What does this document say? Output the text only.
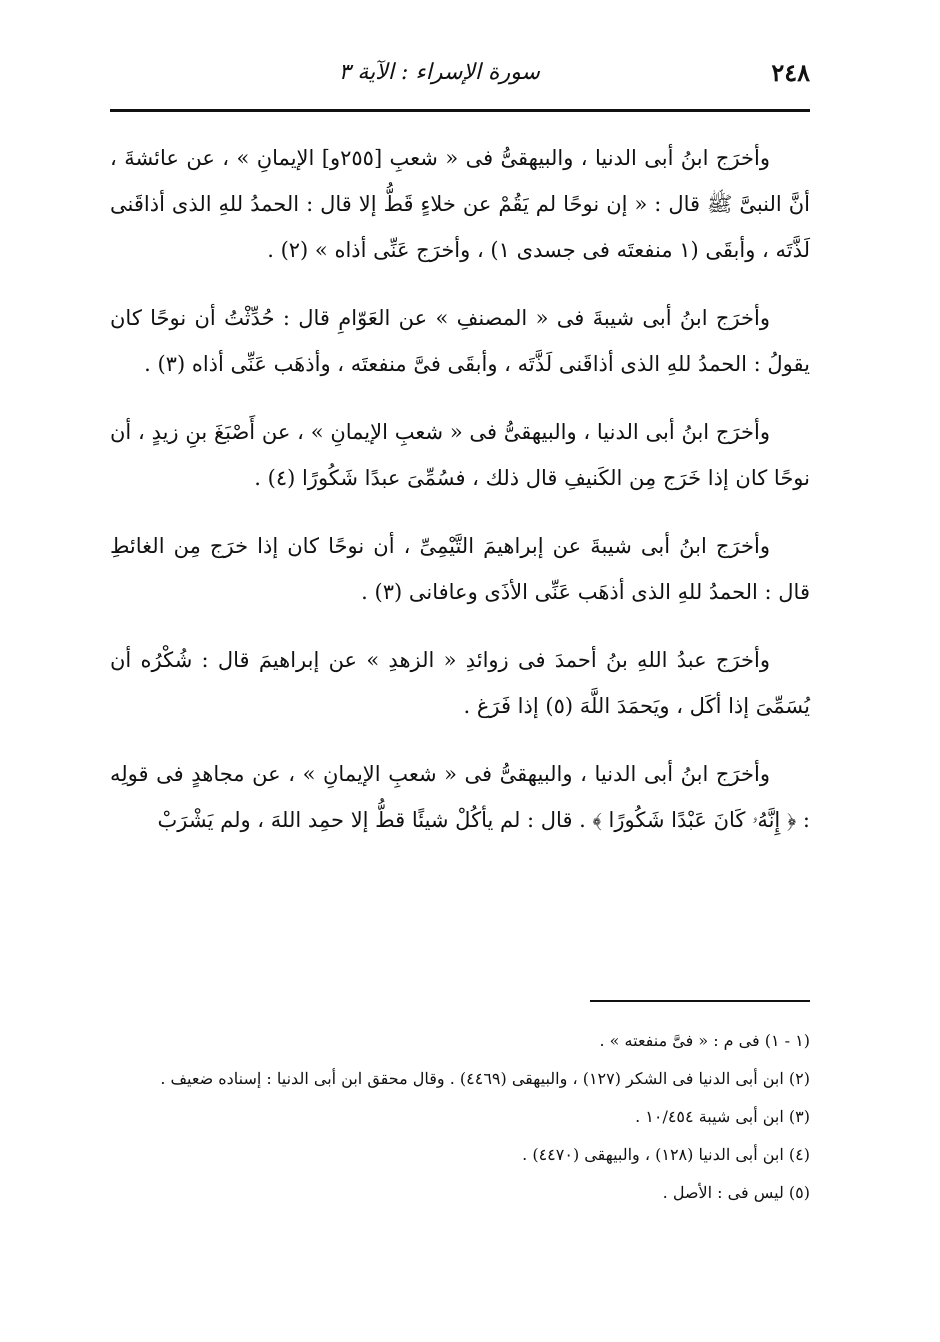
٢٤٨
سورة الإسراء : الآية ٣

وأخرَج ابنُ أبى الدنيا ، والبيهقىُّ فى « شعبِ [٢٥٥و] الإيمانِ » ، عن عائشةَ ، أنَّ النبىَّ ﷺ قال : « إن نوحًا لم يَقُمْ عن خلاءٍ قَطُّ إلا قال : الحمدُ للهِ الذى أذاقَنى لَذَّتَه ، وأبقَى (١ منفعتَه فى جسدى ١) ، وأخرَج عَنِّى أذاه » (٢) .

وأخرَج ابنُ أبى شيبةَ فى « المصنفِ » عن العَوّامِ قال : حُدِّثْتُ أن نوحًا كان يقولُ : الحمدُ للهِ الذى أذاقَنى لَذَّتَه ، وأبقَى فىَّ منفعتَه ، وأذهَب عَنِّى أذاه (٣) .

وأخرَج ابنُ أبى الدنيا ، والبيهقىُّ فى « شعبِ الإيمانِ » ، عن أَصْبَغَ بنِ زيدٍ ، أن نوحًا كان إذا خَرَج مِن الكَنيفِ قال ذلك ، فسُمِّىَ عبدًا شَكُورًا (٤) .

وأخرَج ابنُ أبى شيبةَ عن إبراهيمَ التَّيْمِىِّ ، أن نوحًا كان إذا خرَج مِن الغائطِ قال : الحمدُ للهِ الذى أذهَب عَنِّى الأذَى وعافانى (٣) .

وأخرَج عبدُ اللهِ بنُ أحمدَ فى زوائدِ « الزهدِ » عن إبراهيمَ قال : شُكْرُه أن يُسَمِّىَ إذا أكَل ، ويَحمَدَ اللَّهَ (٥) إذا فَرَغ .

وأخرَج ابنُ أبى الدنيا ، والبيهقىُّ فى « شعبِ الإيمانِ » ، عن مجاهدٍ فى قولِه : ﴿ إِنَّهُۥ كَانَ عَبْدًا شَكُورًا ﴾ . قال : لم يأكُلْ شيئًا قطُّ إلا حمِد اللهَ ، ولم يَشْرَبْ

(١ - ١) فى م : « فىَّ منفعته » .

(٢) ابن أبى الدنيا فى الشكر (١٢٧) ، والبيهقى (٤٤٦٩) . وقال محقق ابن أبى الدنيا : إسناده ضعيف .

(٣) ابن أبى شيبة ١٠/٤٥٤ .

(٤) ابن أبى الدنيا (١٢٨) ، والبيهقى (٤٤٧٠) .

(٥) ليس فى : الأصل .
